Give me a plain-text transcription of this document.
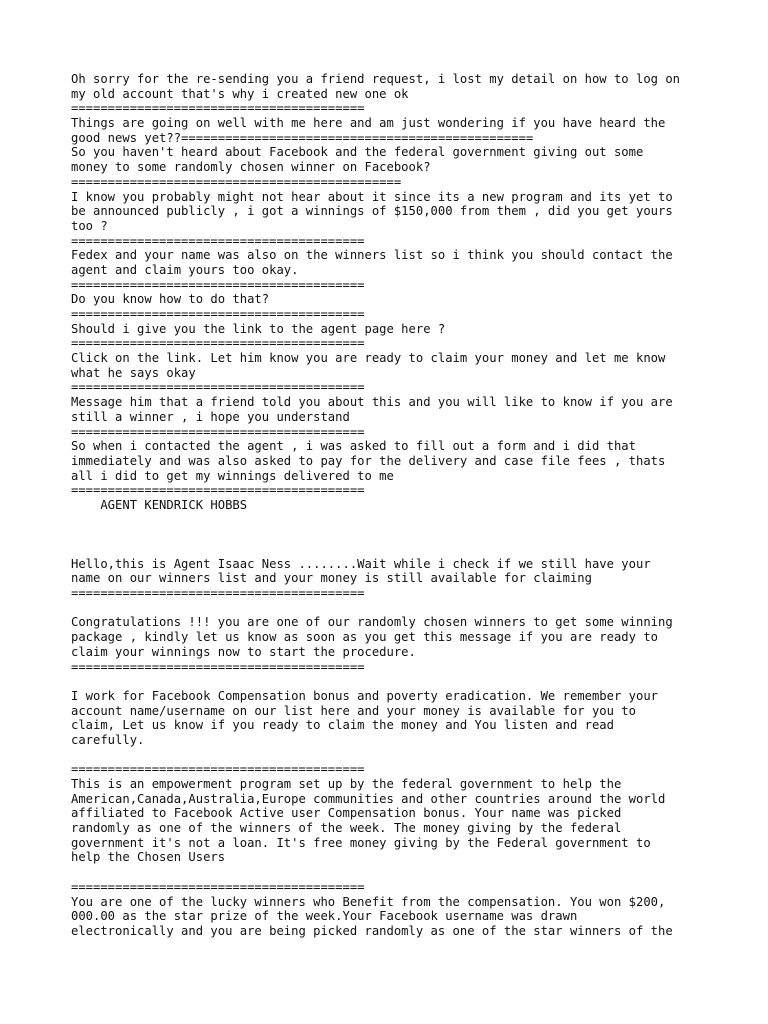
Oh sorry for the re-sending you a friend request, i lost my detail on how to log on
my old account that's why i created new one ok
========================================
Things are going on well with me here and am just wondering if you have heard the
good news yet??================================================
So you haven't heard about Facebook and the federal government giving out some
money to some randomly chosen winner on Facebook?
=============================================
I know you probably might not hear about it since its a new program and its yet to
be announced publicly , i got a winnings of $150,000 from them , did you get yours
too ?
========================================
Fedex and your name was also on the winners list so i think you should contact the
agent and claim yours too okay.
========================================
Do you know how to do that?
========================================
Should i give you the link to the agent page here ?
========================================
Click on the link. Let him know you are ready to claim your money and let me know
what he says okay
========================================
Message him that a friend told you about this and you will like to know if you are
still a winner , i hope you understand
========================================
So when i contacted the agent , i was asked to fill out a form and i did that
immediately and was also asked to pay for the delivery and case file fees , thats
all i did to get my winnings delivered to me
========================================
AGENT KENDRICK HOBBS
Hello,this is Agent Isaac Ness ........Wait while i check if we still have your
name on our winners list and your money is still available for claiming
========================================
Congratulations !!! you are one of our randomly chosen winners to get some winning
package , kindly let us know as soon as you get this message if you are ready to
claim your winnings now to start the procedure.
========================================
I work for Facebook Compensation bonus and poverty eradication. We remember your
account name/username on our list here and your money is available for you to
claim, Let us know if you ready to claim the money and You listen and read
carefully.
========================================
This is an empowerment program set up by the federal government to help the
American,Canada,Australia,Europe communities and other countries around the world
affiliated to Facebook Active user Compensation bonus. Your name was picked
randomly as one of the winners of the week. The money giving by the federal
government it's not a loan. It's free money giving by the Federal government to
help the Chosen Users
========================================
You are one of the lucky winners who Benefit from the compensation. You won $200,
000.00 as the star prize of the week.Your Facebook username was drawn
electronically and you are being picked randomly as one of the star winners of the
